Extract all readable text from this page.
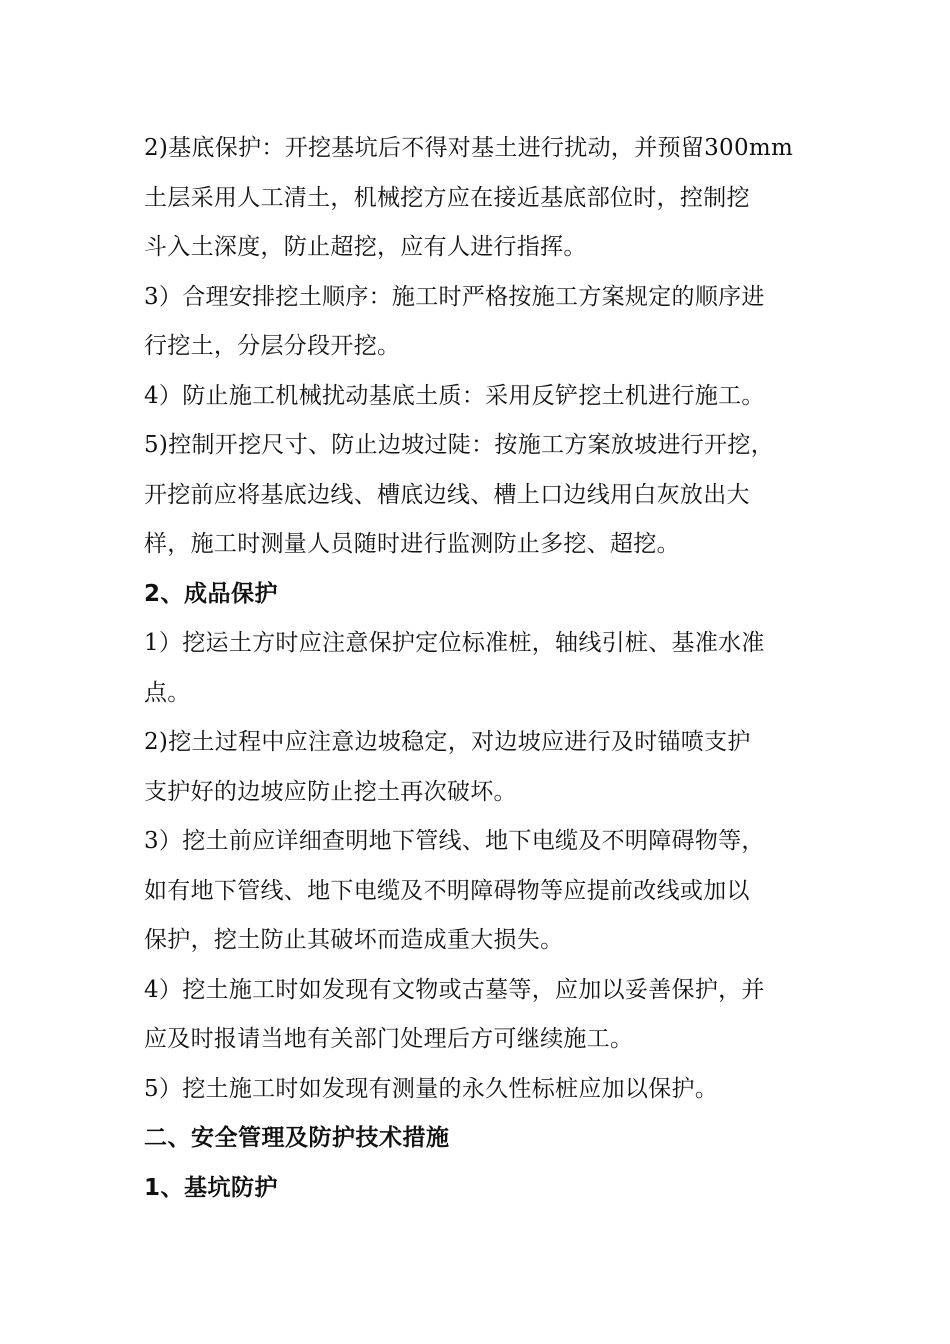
2)基底保护：开挖基坑后不得对基土进行扰动，并预留300mm
土层采用人工清土，机械挖方应在接近基底部位时，控制挖
斗入土深度，防止超挖，应有人进行指挥。
3）合理安排挖土顺序：施工时严格按施工方案规定的顺序进
行挖土，分层分段开挖。
4）防止施工机械扰动基底土质：采用反铲挖土机进行施工。
5)控制开挖尺寸、防止边坡过陡：按施工方案放坡进行开挖，
开挖前应将基底边线、槽底边线、槽上口边线用白灰放出大
样，施工时测量人员随时进行监测防止多挖、超挖。
2、成品保护
1）挖运土方时应注意保护定位标准桩，轴线引桩、基准水准
点。
2)挖土过程中应注意边坡稳定，对边坡应进行及时锚喷支护
支护好的边坡应防止挖土再次破坏。
3）挖土前应详细查明地下管线、地下电缆及不明障碍物等，
如有地下管线、地下电缆及不明障碍物等应提前改线或加以
保护，挖土防止其破坏而造成重大损失。
4）挖土施工时如发现有文物或古墓等，应加以妥善保护，并
应及时报请当地有关部门处理后方可继续施工。
5）挖土施工时如发现有测量的永久性标桩应加以保护。
二、安全管理及防护技术措施
1、基坑防护
